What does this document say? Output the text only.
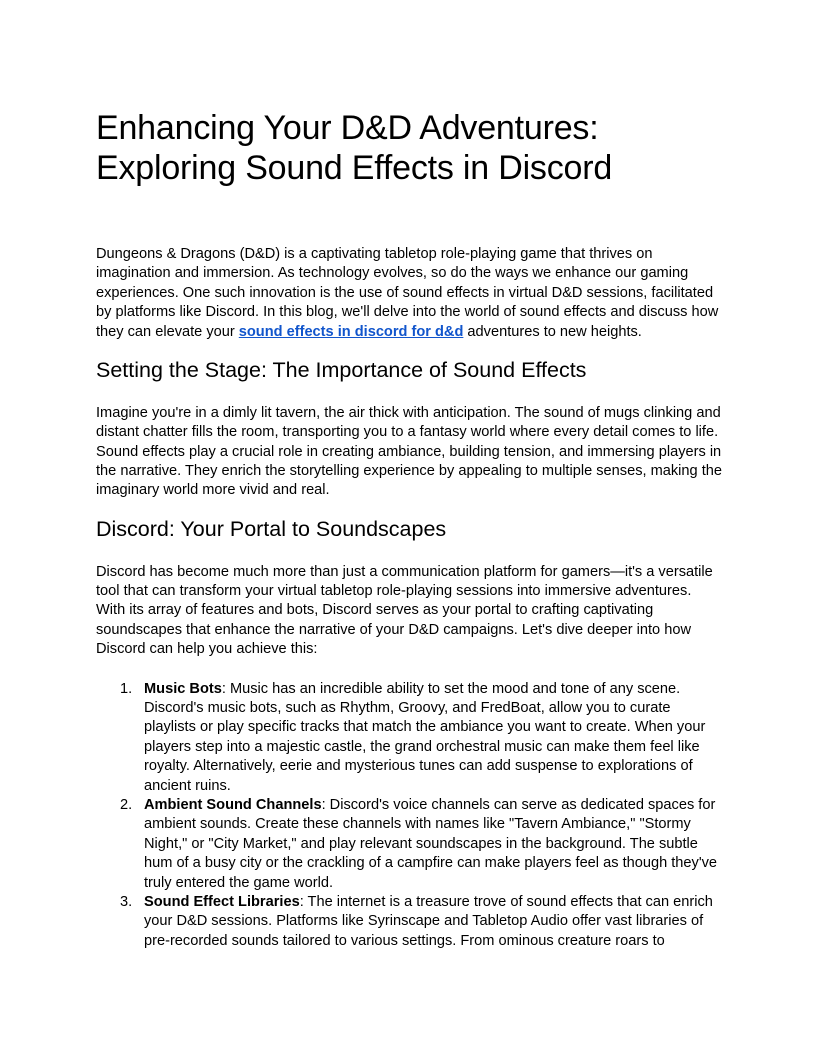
Enhancing Your D&D Adventures:
Exploring Sound Effects in Discord

Dungeons & Dragons (D&D) is a captivating tabletop role-playing game that thrives on imagination and immersion. As technology evolves, so do the ways we enhance our gaming experiences. One such innovation is the use of sound effects in virtual D&D sessions, facilitated by platforms like Discord. In this blog, we'll delve into the world of sound effects and discuss how they can elevate your sound effects in discord for d&d adventures to new heights.

Setting the Stage: The Importance of Sound Effects

Imagine you're in a dimly lit tavern, the air thick with anticipation. The sound of mugs clinking and distant chatter fills the room, transporting you to a fantasy world where every detail comes to life. Sound effects play a crucial role in creating ambiance, building tension, and immersing players in the narrative. They enrich the storytelling experience by appealing to multiple senses, making the imaginary world more vivid and real.

Discord: Your Portal to Soundscapes

Discord has become much more than just a communication platform for gamers—it's a versatile tool that can transform your virtual tabletop role-playing sessions into immersive adventures. With its array of features and bots, Discord serves as your portal to crafting captivating soundscapes that enhance the narrative of your D&D campaigns. Let's dive deeper into how Discord can help you achieve this:

1. Music Bots: Music has an incredible ability to set the mood and tone of any scene. Discord's music bots, such as Rhythm, Groovy, and FredBoat, allow you to curate playlists or play specific tracks that match the ambiance you want to create. When your players step into a majestic castle, the grand orchestral music can make them feel like royalty. Alternatively, eerie and mysterious tunes can add suspense to explorations of ancient ruins.
2. Ambient Sound Channels: Discord's voice channels can serve as dedicated spaces for ambient sounds. Create these channels with names like "Tavern Ambiance," "Stormy Night," or "City Market," and play relevant soundscapes in the background. The subtle hum of a busy city or the crackling of a campfire can make players feel as though they've truly entered the game world.
3. Sound Effect Libraries: The internet is a treasure trove of sound effects that can enrich your D&D sessions. Platforms like Syrinscape and Tabletop Audio offer vast libraries of pre-recorded sounds tailored to various settings. From ominous creature roars to
